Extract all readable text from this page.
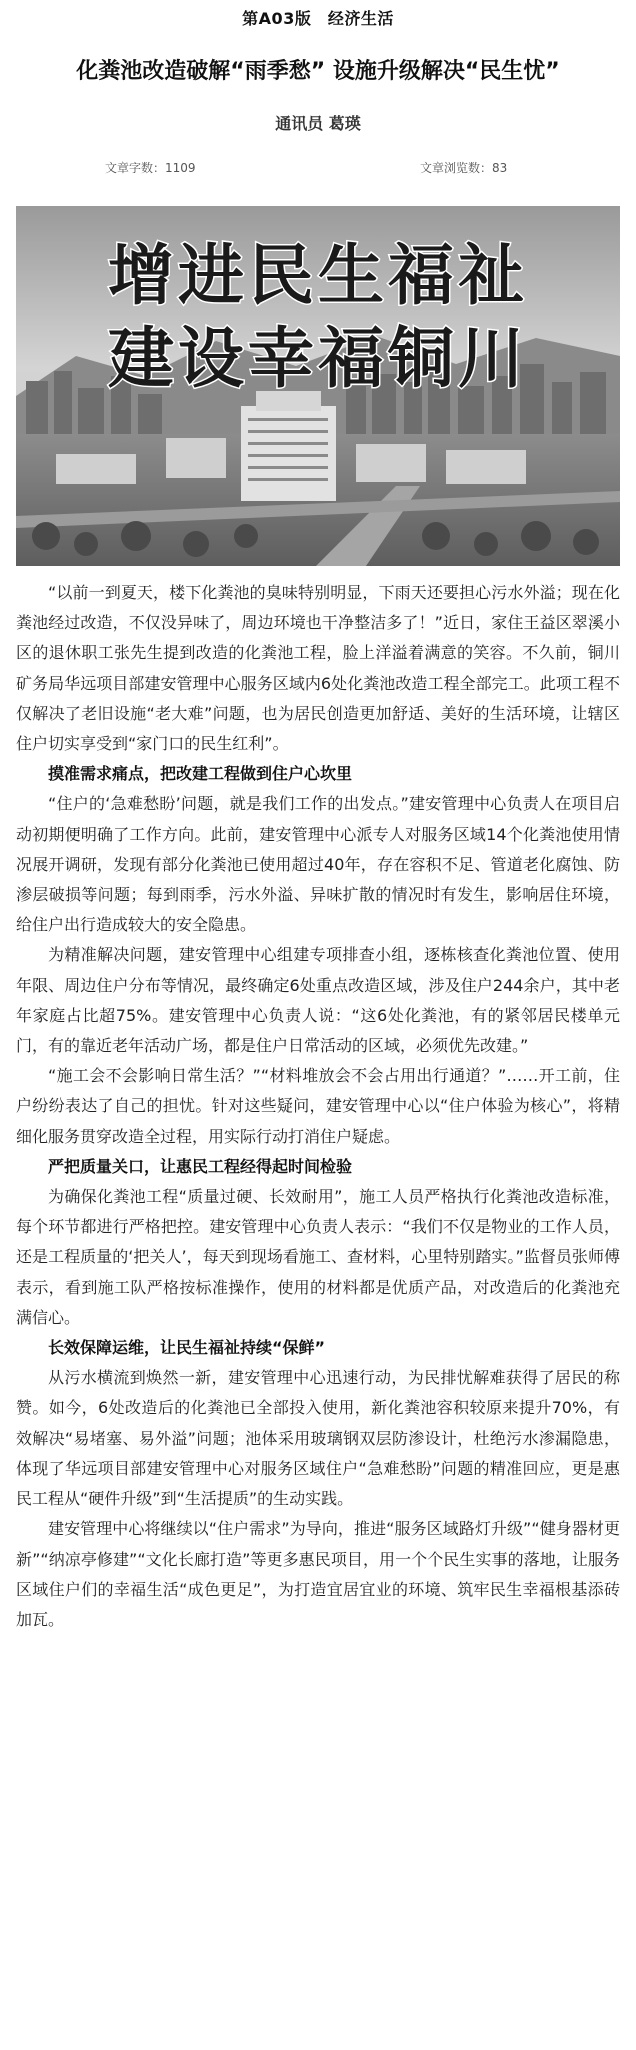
第A03版　经济生活
化粪池改造破解“雨季愁” 设施升级解决“民生忧”
通讯员 葛瑛
文章字数：1109	文章浏览数：83
增进民生福祉
建设幸福铜川

“以前一到夏天，楼下化粪池的臭味特别明显，下雨天还要担心污水外溢；现在化粪池经过改造，不仅没异味了，周边环境也干净整洁多了！”近日，家住王益区翠溪小区的退休职工张先生提到改造的化粪池工程，脸上洋溢着满意的笑容。不久前，铜川矿务局华远项目部建安管理中心服务区域内6处化粪池改造工程全部完工。此项工程不仅解决了老旧设施“老大难”问题，也为居民创造更加舒适、美好的生活环境，让辖区住户切实享受到“家门口的民生红利”。

摸准需求痛点，把改建工程做到住户心坎里

“住户的‘急难愁盼’问题，就是我们工作的出发点。”建安管理中心负责人在项目启动初期便明确了工作方向。此前，建安管理中心派专人对服务区域14个化粪池使用情况展开调研，发现有部分化粪池已使用超过40年，存在容积不足、管道老化腐蚀、防渗层破损等问题；每到雨季，污水外溢、异味扩散的情况时有发生，影响居住环境，给住户出行造成较大的安全隐患。

为精准解决问题，建安管理中心组建专项排查小组，逐栋核查化粪池位置、使用年限、周边住户分布等情况，最终确定6处重点改造区域，涉及住户244余户，其中老年家庭占比超75%。建安管理中心负责人说：“这6处化粪池，有的紧邻居民楼单元门，有的靠近老年活动广场，都是住户日常活动的区域，必须优先改建。”

“施工会不会影响日常生活？”“材料堆放会不会占用出行通道？”……开工前，住户纷纷表达了自己的担忧。针对这些疑问，建安管理中心以“住户体验为核心”，将精细化服务贯穿改造全过程，用实际行动打消住户疑虑。

严把质量关口，让惠民工程经得起时间检验

为确保化粪池工程“质量过硬、长效耐用”，施工人员严格执行化粪池改造标准，每个环节都进行严格把控。建安管理中心负责人表示：“我们不仅是物业的工作人员，还是工程质量的‘把关人’，每天到现场看施工、查材料，心里特别踏实。”监督员张师傅表示，看到施工队严格按标准操作，使用的材料都是优质产品，对改造后的化粪池充满信心。

长效保障运维，让民生福祉持续“保鲜”

从污水横流到焕然一新，建安管理中心迅速行动，为民排忧解难获得了居民的称赞。如今，6处改造后的化粪池已全部投入使用，新化粪池容积较原来提升70%，有效解决“易堵塞、易外溢”问题；池体采用玻璃钢双层防渗设计，杜绝污水渗漏隐患，体现了华远项目部建安管理中心对服务区域住户“急难愁盼”问题的精准回应，更是惠民工程从“硬件升级”到“生活提质”的生动实践。

建安管理中心将继续以“住户需求”为导向，推进“服务区域路灯升级”“健身器材更新”“纳凉亭修建”“文化长廊打造”等更多惠民项目，用一个个民生实事的落地，让服务区域住户们的幸福生活“成色更足”，为打造宜居宜业的环境、筑牢民生幸福根基添砖加瓦。
